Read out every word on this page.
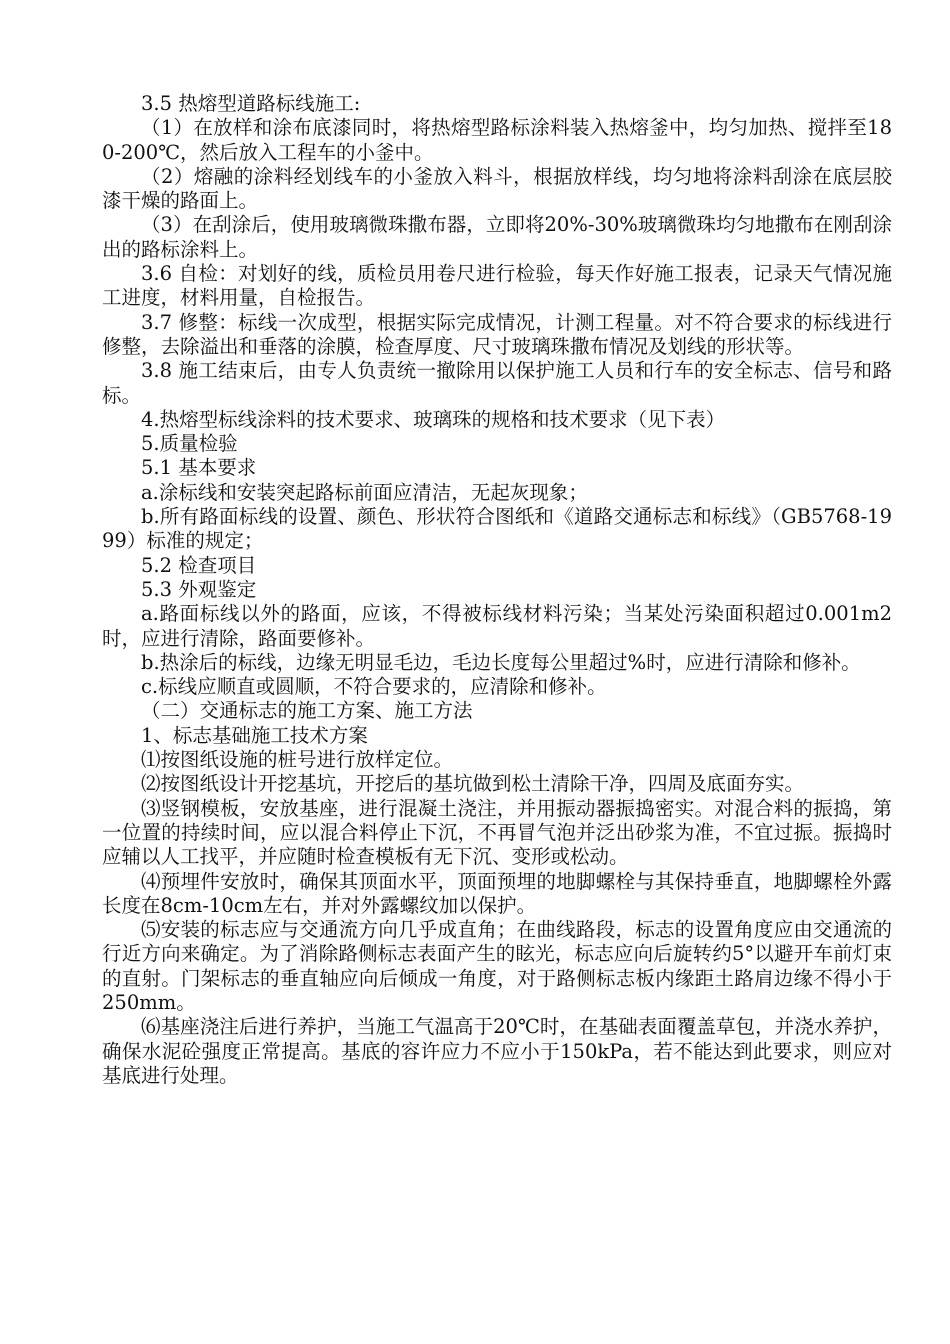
3.5 热熔型道路标线施工:

（1）在放样和涂布底漆同时，将热熔型路标涂料装入热熔釜中，均匀加热、搅拌至180-200℃，然后放入工程车的小釜中。

（2）熔融的涂料经划线车的小釜放入料斗，根据放样线，均匀地将涂料刮涂在底层胶漆干燥的路面上。

（3）在刮涂后，使用玻璃微珠撒布器，立即将20%-30%玻璃微珠均匀地撒布在刚刮涂出的路标涂料上。

3.6 自检：对划好的线，质检员用卷尺进行检验，每天作好施工报表，记录天气情况施工进度，材料用量，自检报告。

3.7 修整：标线一次成型，根据实际完成情况，计测工程量。对不符合要求的标线进行修整，去除溢出和垂落的涂膜，检查厚度、尺寸玻璃珠撒布情况及划线的形状等。

3.8 施工结束后，由专人负责统一撤除用以保护施工人员和行车的安全标志、信号和路标。

4.热熔型标线涂料的技术要求、玻璃珠的规格和技术要求（见下表）

5.质量检验

5.1 基本要求

a.涂标线和安装突起路标前面应清洁，无起灰现象；

b.所有路面标线的设置、颜色、形状符合图纸和《道路交通标志和标线》（GB5768-1999）标准的规定；

5.2 检查项目

5.3 外观鉴定

a.路面标线以外的路面，应该，不得被标线材料污染；当某处污染面积超过0.001m2时，应进行清除，路面要修补。

b.热涂后的标线，边缘无明显毛边，毛边长度每公里超过%时，应进行清除和修补。

c.标线应顺直或圆顺，不符合要求的，应清除和修补。

（二）交通标志的施工方案、施工方法

1、标志基础施工技术方案

⑴按图纸设施的桩号进行放样定位。

⑵按图纸设计开挖基坑，开挖后的基坑做到松土清除干净，四周及底面夯实。

⑶竖钢模板，安放基座，进行混凝土浇注，并用振动器振捣密实。对混合料的振捣，第一位置的持续时间，应以混合料停止下沉，不再冒气泡并泛出砂浆为准，不宜过振。振捣时应辅以人工找平，并应随时检查模板有无下沉、变形或松动。

⑷预埋件安放时，确保其顶面水平，顶面预埋的地脚螺栓与其保持垂直，地脚螺栓外露长度在8cm-10cm左右，并对外露螺纹加以保护。

⑸安装的标志应与交通流方向几乎成直角；在曲线路段，标志的设置角度应由交通流的行近方向来确定。为了消除路侧标志表面产生的眩光，标志应向后旋转约5°以避开车前灯束的直射。门架标志的垂直轴应向后倾成一角度，对于路侧标志板内缘距土路肩边缘不得小于250mm。

⑹基座浇注后进行养护，当施工气温高于20℃时，在基础表面覆盖草包，并浇水养护，确保水泥砼强度正常提高。基底的容许应力不应小于150kPa，若不能达到此要求，则应对基底进行处理。
